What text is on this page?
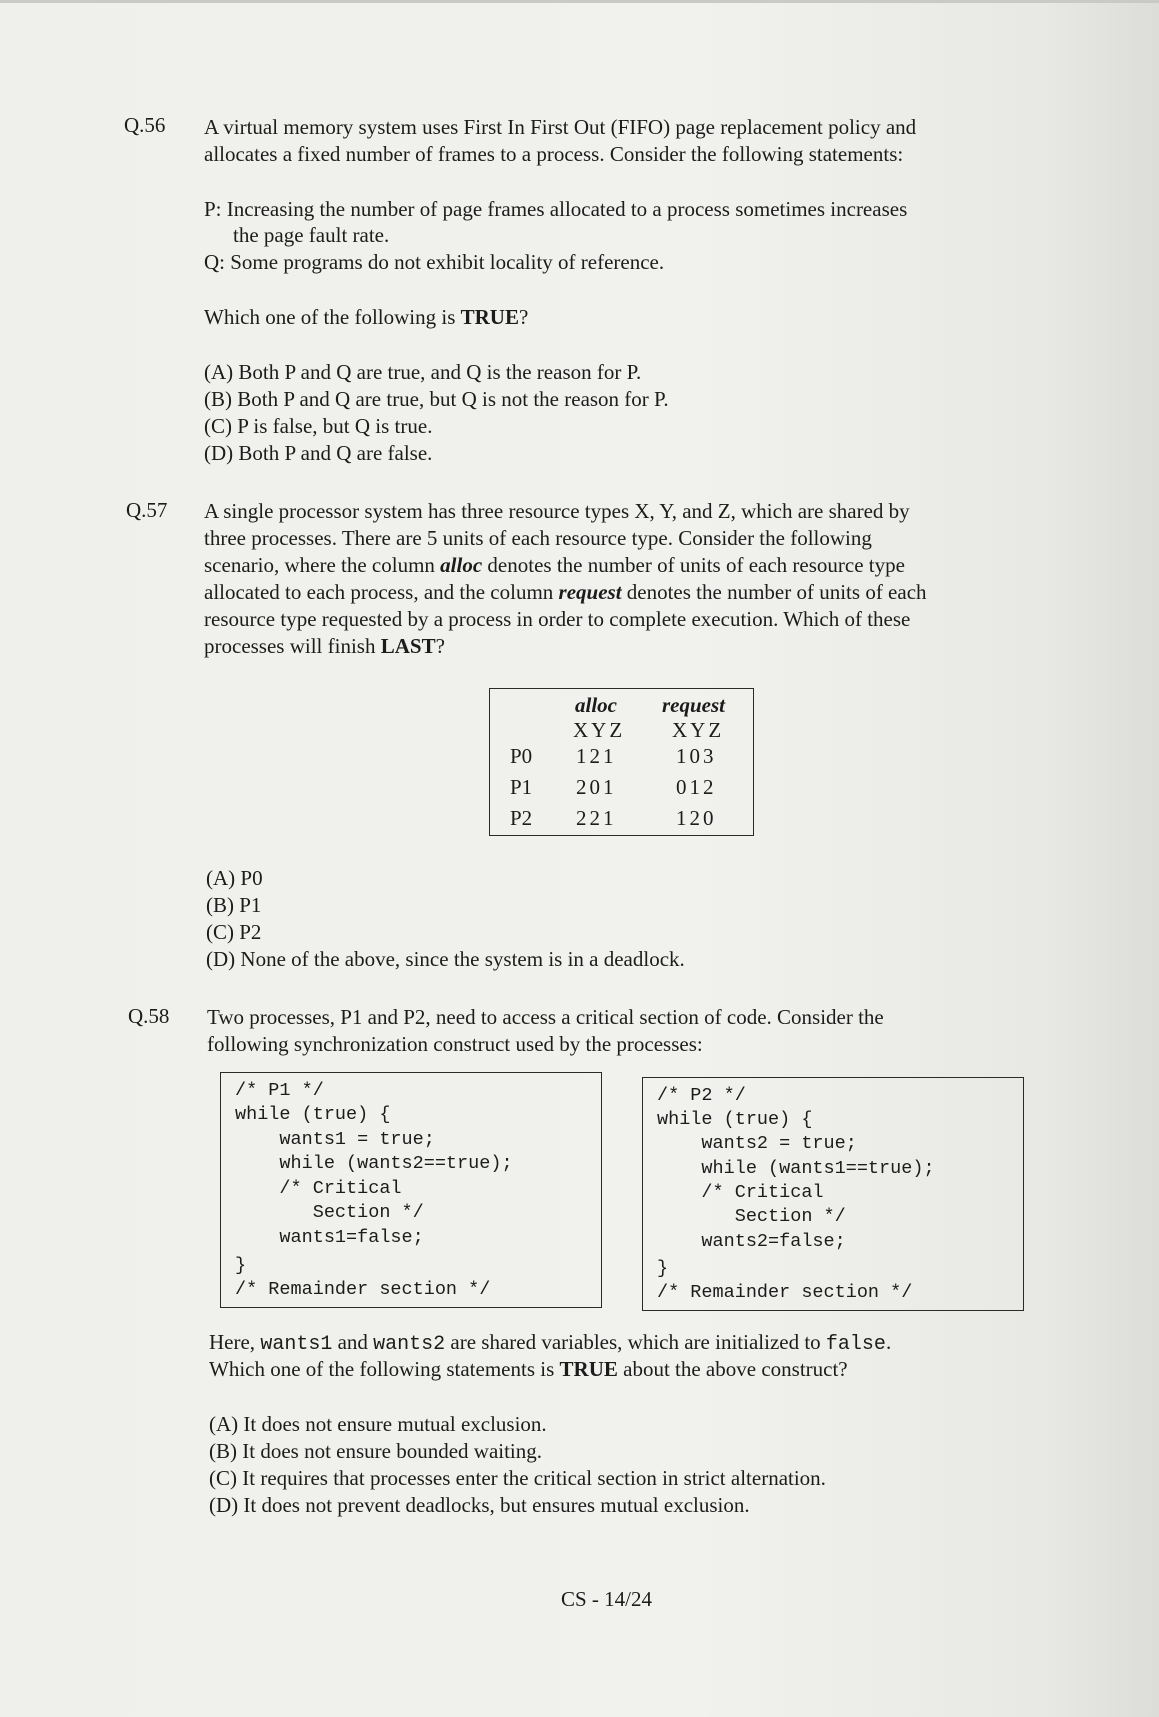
Q.56 A virtual memory system uses First In First Out (FIFO) page replacement policy and
allocates a fixed number of frames to a process. Consider the following statements:
P: Increasing the number of page frames allocated to a process sometimes increases
the page fault rate.
Q: Some programs do not exhibit locality of reference.
Which one of the following is TRUE?
(A) Both P and Q are true, and Q is the reason for P.
(B) Both P and Q are true, but Q is not the reason for P.
(C) P is false, but Q is true.
(D) Both P and Q are false.
Q.57 A single processor system has three resource types X, Y, and Z, which are shared by
three processes. There are 5 units of each resource type. Consider the following
scenario, where the column alloc denotes the number of units of each resource type
allocated to each process, and the column request denotes the number of units of each
resource type requested by a process in order to complete execution. Which of these
processes will finish LAST?
alloc request
XYZ XYZ
P0 121	103
P1 201	012
P2 221	120
(A) P0
(B) P1
(C) P2
(D) None of the above, since the system is in a deadlock.
Q.58 Two processes, P1 and P2, need to access a critical section of code. Consider the
following synchronization construct used by the processes:
/* P1 */
while (true) {
wants1 = true;
while (wants2==true);
/* Critical
Section */
wants1=false;
}
/* Remainder section */
/* P2 */
while (true) {
wants2 = true;
while (wants1==true);
/* Critical
Section */
wants2=false;
}
/* Remainder section */
Here, wants1 and wants2 are shared variables, which are initialized to false.
Which one of the following statements is TRUE about the above construct?
(A) It does not ensure mutual exclusion.
(B) It does not ensure bounded waiting.
(C) It requires that processes enter the critical section in strict alternation.
(D) It does not prevent deadlocks, but ensures mutual exclusion.
CS - 14/24
